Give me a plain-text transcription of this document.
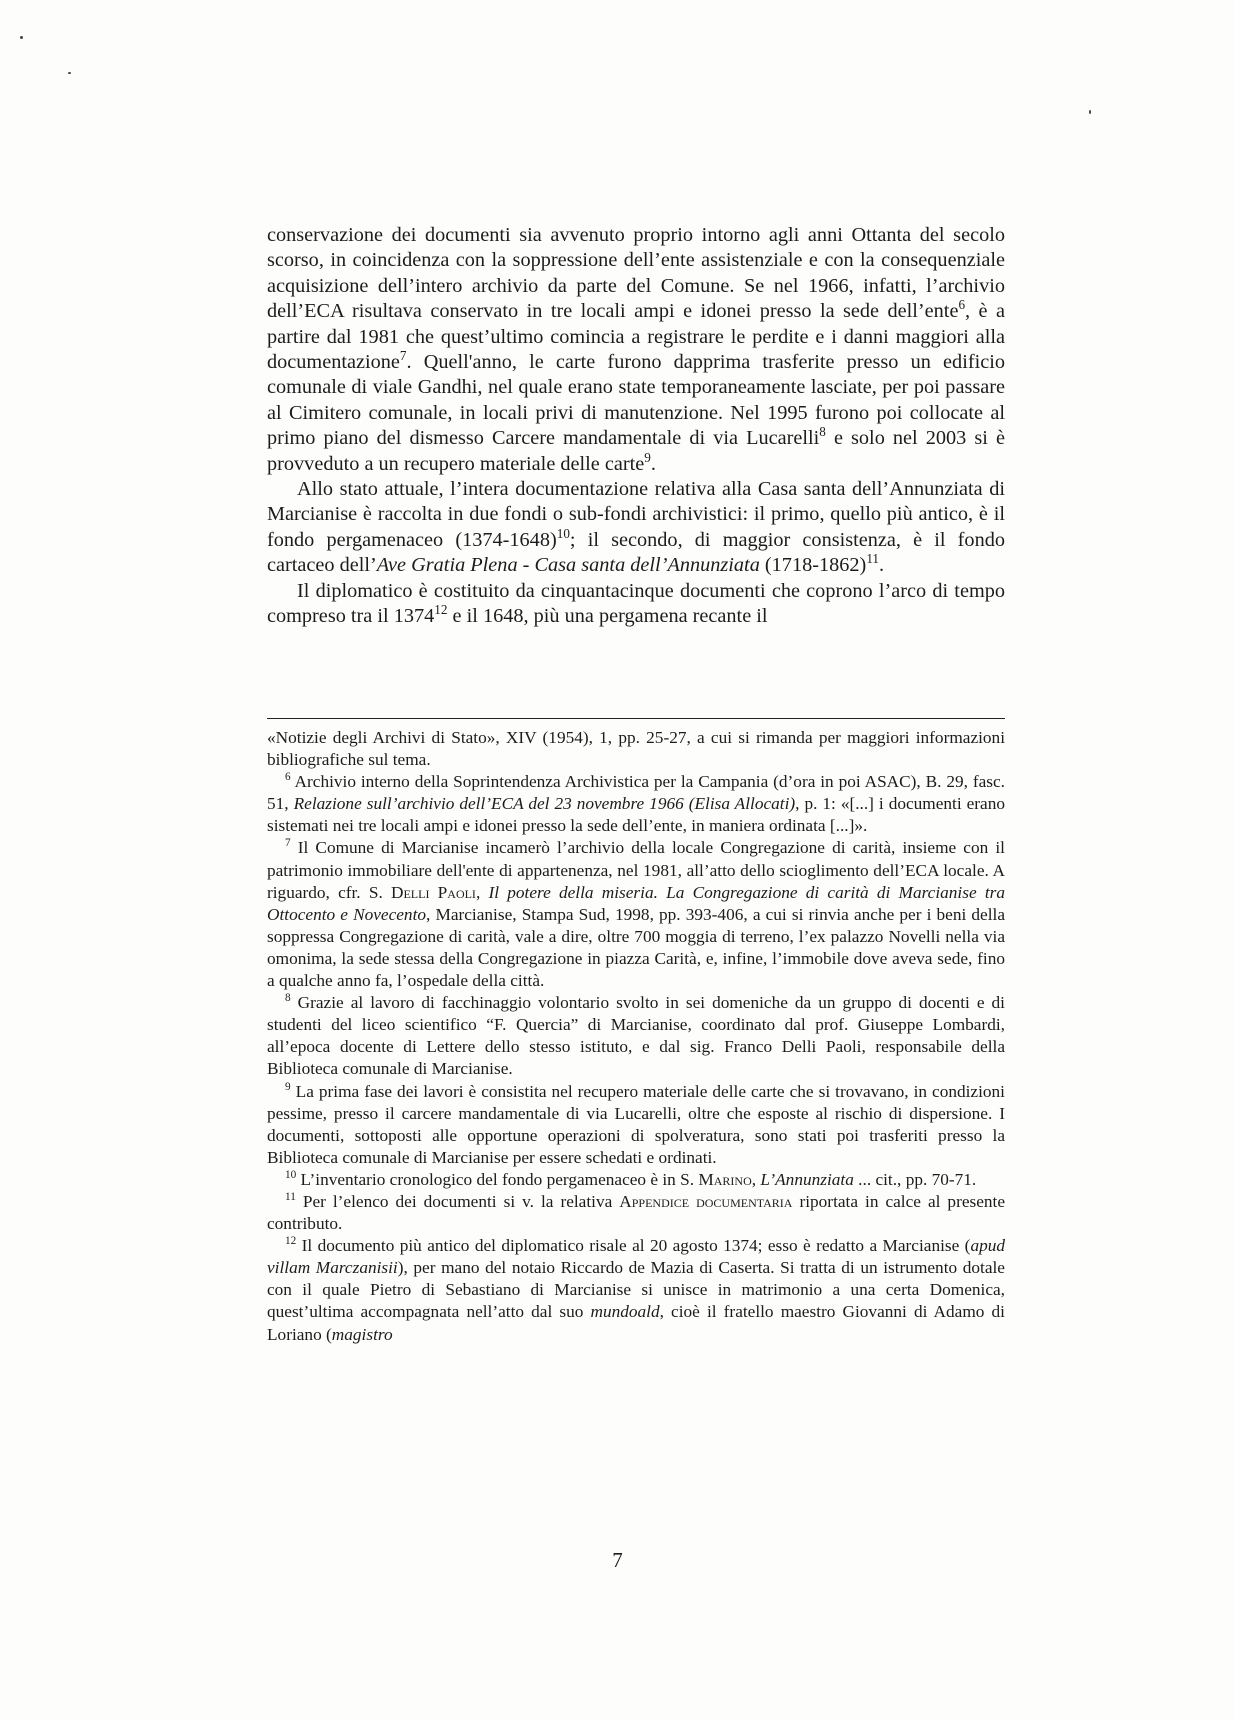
conservazione dei documenti sia avvenuto proprio intorno agli anni Ottanta del secolo scorso, in coincidenza con la soppressione dell’ente assistenziale e con la consequenziale acquisizione dell’intero archivio da parte del Comune. Se nel 1966, infatti, l’archivio dell’ECA risultava conservato in tre locali ampi e idonei presso la sede dell’ente$^6$, è a partire dal 1981 che quest’ultimo comincia a registrare le perdite e i danni maggiori alla documentazione$^7$. Quell'anno, le carte furono dapprima trasferite presso un edificio comunale di viale Gandhi, nel quale erano state temporaneamente lasciate, per poi passare al Cimitero comunale, in locali privi di manutenzione. Nel 1995 furono poi collocate al primo piano del dismesso Carcere mandamentale di via Lucarelli$^8$ e solo nel 2003 si è provveduto a un recupero materiale delle carte$^9$.

Allo stato attuale, l’intera documentazione relativa alla Casa santa dell’Annunziata di Marcianise è raccolta in due fondi o sub-fondi archivistici: il primo, quello più antico, è il fondo pergamenaceo (1374-1648)$^{10}$; il secondo, di maggior consistenza, è il fondo cartaceo dell’Ave Gratia Plena - Casa santa dell’Annunziata (1718-1862)$^{11}$.

Il diplomatico è costituito da cinquantacinque documenti che coprono l’arco di tempo compreso tra il 1374$^{12}$ e il 1648, più una pergamena recante il

«Notizie degli Archivi di Stato», XIV (1954), 1, pp. 25-27, a cui si rimanda per maggiori informazioni bibliografiche sul tema.

$^6$ Archivio interno della Soprintendenza Archivistica per la Campania (d’ora in poi ASAC), B. 29, fasc. 51, Relazione sull’archivio dell’ECA del 23 novembre 1966 (Elisa Allocati), p. 1: «[...] i documenti erano sistemati nei tre locali ampi e idonei presso la sede dell’ente, in maniera ordinata [...]».

$^7$ Il Comune di Marcianise incamerò l’archivio della locale Congregazione di carità, insieme con il patrimonio immobiliare dell'ente di appartenenza, nel 1981, all’atto dello scioglimento dell’ECA locale. A riguardo, cfr. S. Delli Paoli, Il potere della miseria. La Congregazione di carità di Marcianise tra Ottocento e Novecento, Marcianise, Stampa Sud, 1998, pp. 393-406, a cui si rinvia anche per i beni della soppressa Congregazione di carità, vale a dire, oltre 700 moggia di terreno, l’ex palazzo Novelli nella via omonima, la sede stessa della Congregazione in piazza Carità, e, infine, l’immobile dove aveva sede, fino a qualche anno fa, l’ospedale della città.

$^8$ Grazie al lavoro di facchinaggio volontario svolto in sei domeniche da un gruppo di docenti e di studenti del liceo scientifico “F. Quercia” di Marcianise, coordinato dal prof. Giuseppe Lombardi, all’epoca docente di Lettere dello stesso istituto, e dal sig. Franco Delli Paoli, responsabile della Biblioteca comunale di Marcianise.

$^9$ La prima fase dei lavori è consistita nel recupero materiale delle carte che si trovavano, in condizioni pessime, presso il carcere mandamentale di via Lucarelli, oltre che esposte al rischio di dispersione. I documenti, sottoposti alle opportune operazioni di spolveratura, sono stati poi trasferiti presso la Biblioteca comunale di Marcianise per essere schedati e ordinati.

$^{10}$ L’inventario cronologico del fondo pergamenaceo è in S. Marino, L’Annunziata ... cit., pp. 70-71.

$^{11}$ Per l’elenco dei documenti si v. la relativa Appendice documentaria riportata in calce al presente contributo.

$^{12}$ Il documento più antico del diplomatico risale al 20 agosto 1374; esso è redatto a Marcianise (apud villam Marczanisii), per mano del notaio Riccardo de Mazia di Caserta. Si tratta di un istrumento dotale con il quale Pietro di Sebastiano di Marcianise si unisce in matrimonio a una certa Domenica, quest’ultima accompagnata nell’atto dal suo mundoald, cioè il fratello maestro Giovanni di Adamo di Loriano (magistro

7
